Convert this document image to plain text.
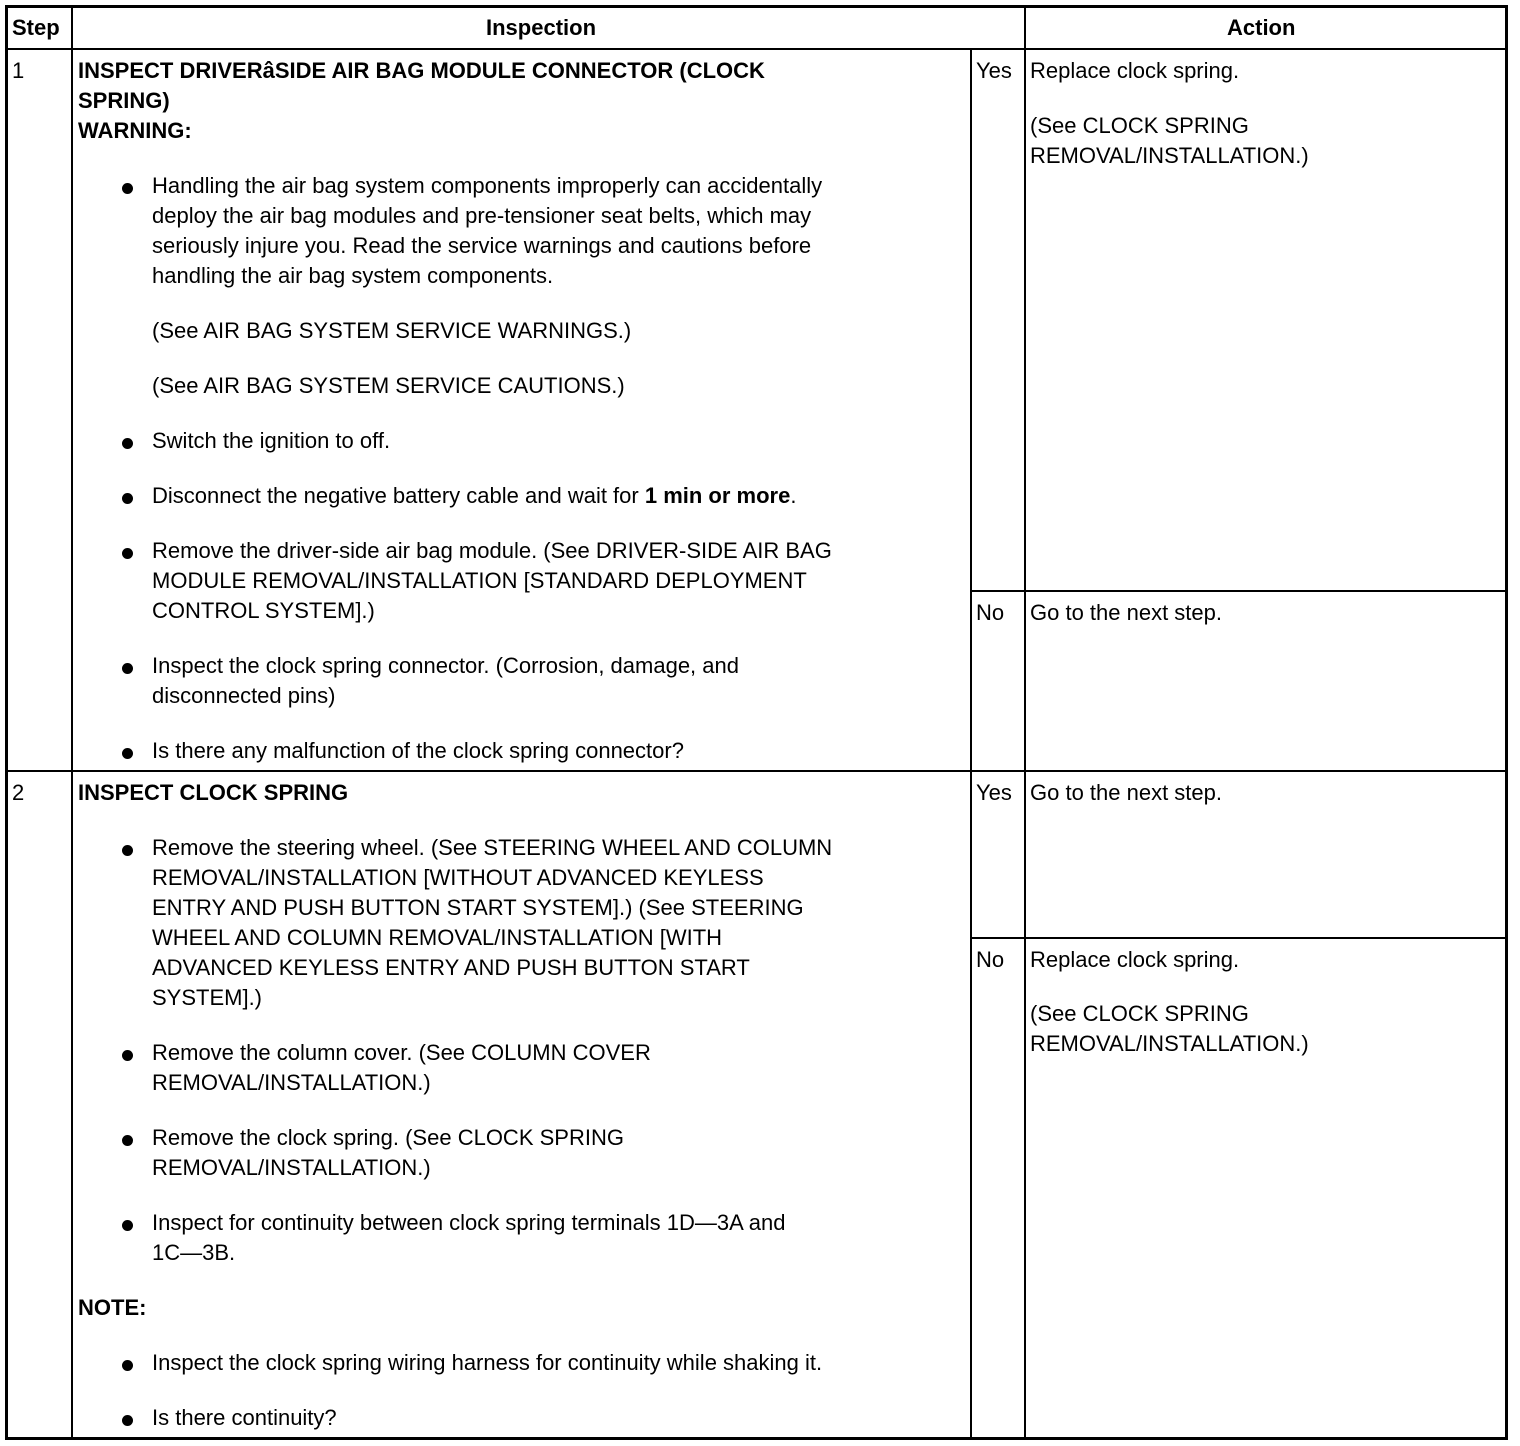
Step	Inspection	Action
1 INSPECT DRIVERâSIDE AIR BAG MODULE CONNECTOR (CLOCK
SPRING)
WARNING:
Handling the air bag system components improperly can accidentally
deploy the air bag modules and pre-tensioner seat belts, which may
seriously injure you. Read the service warnings and cautions before
handling the air bag system components.
(See AIR BAG SYSTEM SERVICE WARNINGS.)
(See AIR BAG SYSTEM SERVICE CAUTIONS.)
Switch the ignition to off.
Disconnect the negative battery cable and wait for 1 min or more.
Remove the driver-side air bag module. (See DRIVER-SIDE AIR BAG
MODULE REMOVAL/INSTALLATION [STANDARD DEPLOYMENT
CONTROL SYSTEM].)
Inspect the clock spring connector. (Corrosion, damage, and
disconnected pins)
Is there any malfunction of the clock spring connector?
Yes Replace clock spring.
(See CLOCK SPRING
REMOVAL/INSTALLATION.)
No Go to the next step.
2 INSPECT CLOCK SPRING
Remove the steering wheel. (See STEERING WHEEL AND COLUMN
REMOVAL/INSTALLATION [WITHOUT ADVANCED KEYLESS
ENTRY AND PUSH BUTTON START SYSTEM].) (See STEERING
WHEEL AND COLUMN REMOVAL/INSTALLATION [WITH
ADVANCED KEYLESS ENTRY AND PUSH BUTTON START
SYSTEM].)
Remove the column cover. (See COLUMN COVER
REMOVAL/INSTALLATION.)
Remove the clock spring. (See CLOCK SPRING
REMOVAL/INSTALLATION.)
Inspect for continuity between clock spring terminals 1D—3A and
1C—3B.
NOTE:
Inspect the clock spring wiring harness for continuity while shaking it.
Is there continuity?
Yes Go to the next step.
No Replace clock spring.
(See CLOCK SPRING
REMOVAL/INSTALLATION.)
